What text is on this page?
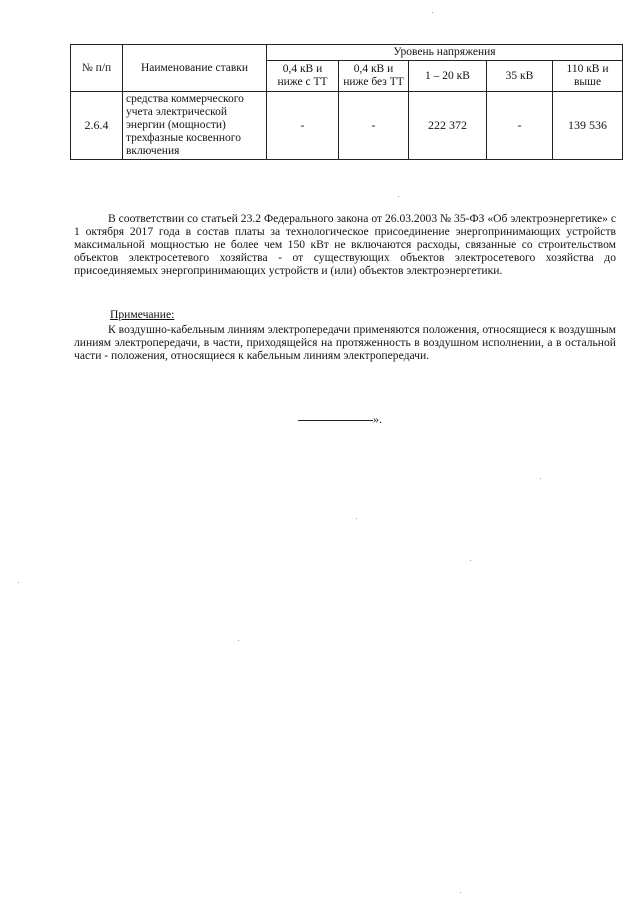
№ п/п	Наименование ставки	Уровень напряжения				
		0,4 кВ и ниже с ТТ	0,4 кВ и ниже без ТТ	1 – 20 кВ	35 кВ	110 кВ и выше
2.6.4	средства коммерческого учета электрической энергии (мощности) трехфазные косвенного включения	-	-	222 372	-	139 536

В соответствии со статьей 23.2 Федерального закона от 26.03.2003 № 35-ФЗ «Об электроэнергетике» с 1 октября 2017 года в состав платы за технологическое присоединение энергопринимающих устройств максимальной мощностью не более чем 150 кВт не включаются расходы, связанные со строительством объектов электросетевого хозяйства - от существующих объектов электросетевого хозяйства до присоединяемых энергопринимающих устройств и (или) объектов электроэнергетики.

Примечание:

К воздушно-кабельным линиям электропередачи применяются положения, относящиеся к воздушным линиям электропередачи, в части, приходящейся на протяженность в воздушном исполнении, а в остальной части - положения, относящиеся к кабельным линиям электропередачи.

».
